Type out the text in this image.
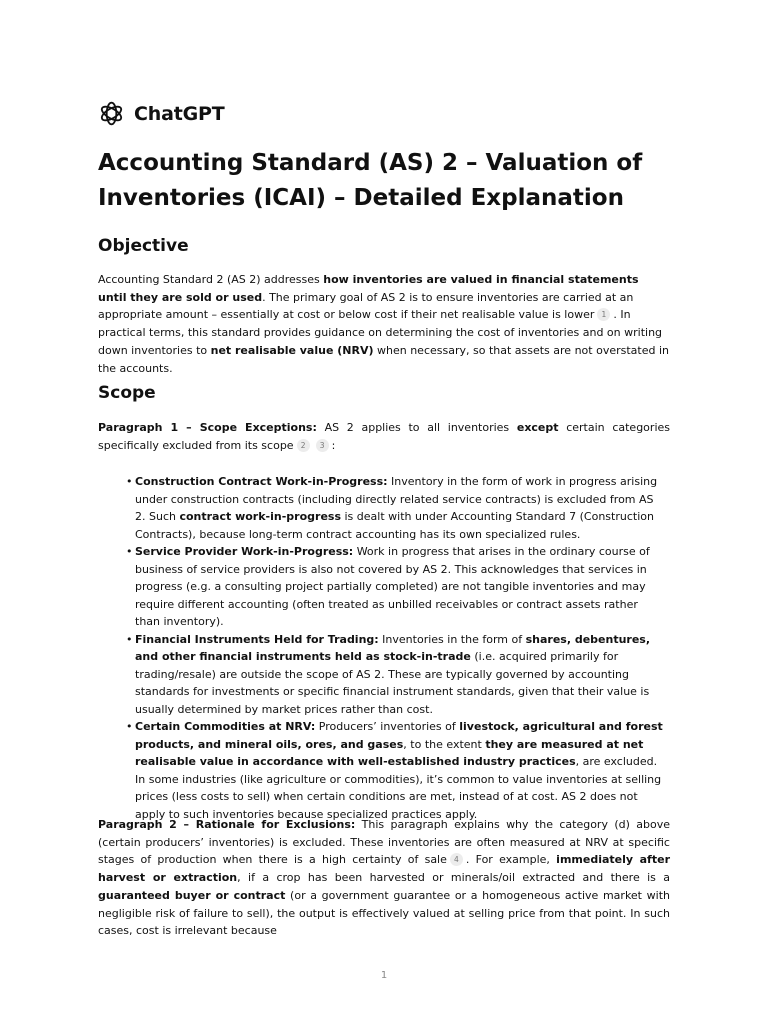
ChatGPT
Accounting Standard (AS) 2 – Valuation of Inventories (ICAI) – Detailed Explanation
Objective

Accounting Standard 2 (AS 2) addresses how inventories are valued in financial statements until they are sold or used. The primary goal of AS 2 is to ensure inventories are carried at an appropriate amount – essentially at cost or below cost if their net realisable value is lower 1 . In practical terms, this standard provides guidance on determining the cost of inventories and on writing down inventories to net realisable value (NRV) when necessary, so that assets are not overstated in the accounts.

Scope

Paragraph 1 – Scope Exceptions: AS 2 applies to all inventories except certain categories specifically excluded from its scope 2 3 :

• Construction Contract Work-in-Progress: Inventory in the form of work in progress arising under construction contracts (including directly related service contracts) is excluded from AS 2. Such contract work-in-progress is dealt with under Accounting Standard 7 (Construction Contracts), because long-term contract accounting has its own specialized rules.
• Service Provider Work-in-Progress: Work in progress that arises in the ordinary course of business of service providers is also not covered by AS 2. This acknowledges that services in progress (e.g. a consulting project partially completed) are not tangible inventories and may require different accounting (often treated as unbilled receivables or contract assets rather than inventory).
• Financial Instruments Held for Trading: Inventories in the form of shares, debentures, and other financial instruments held as stock-in-trade (i.e. acquired primarily for trading/resale) are outside the scope of AS 2. These are typically governed by accounting standards for investments or specific financial instrument standards, given that their value is usually determined by market prices rather than cost.
• Certain Commodities at NRV: Producers’ inventories of livestock, agricultural and forest products, and mineral oils, ores, and gases, to the extent they are measured at net realisable value in accordance with well-established industry practices, are excluded. In some industries (like agriculture or commodities), it’s common to value inventories at selling prices (less costs to sell) when certain conditions are met, instead of at cost. AS 2 does not apply to such inventories because specialized practices apply.

Paragraph 2 – Rationale for Exclusions: This paragraph explains why the category (d) above (certain producers’ inventories) is excluded. These inventories are often measured at NRV at specific stages of production when there is a high certainty of sale 4 . For example, immediately after harvest or extraction, if a crop has been harvested or minerals/oil extracted and there is a guaranteed buyer or contract (or a government guarantee or a homogeneous active market with negligible risk of failure to sell), the output is effectively valued at selling price from that point. In such cases, cost is irrelevant because

1
